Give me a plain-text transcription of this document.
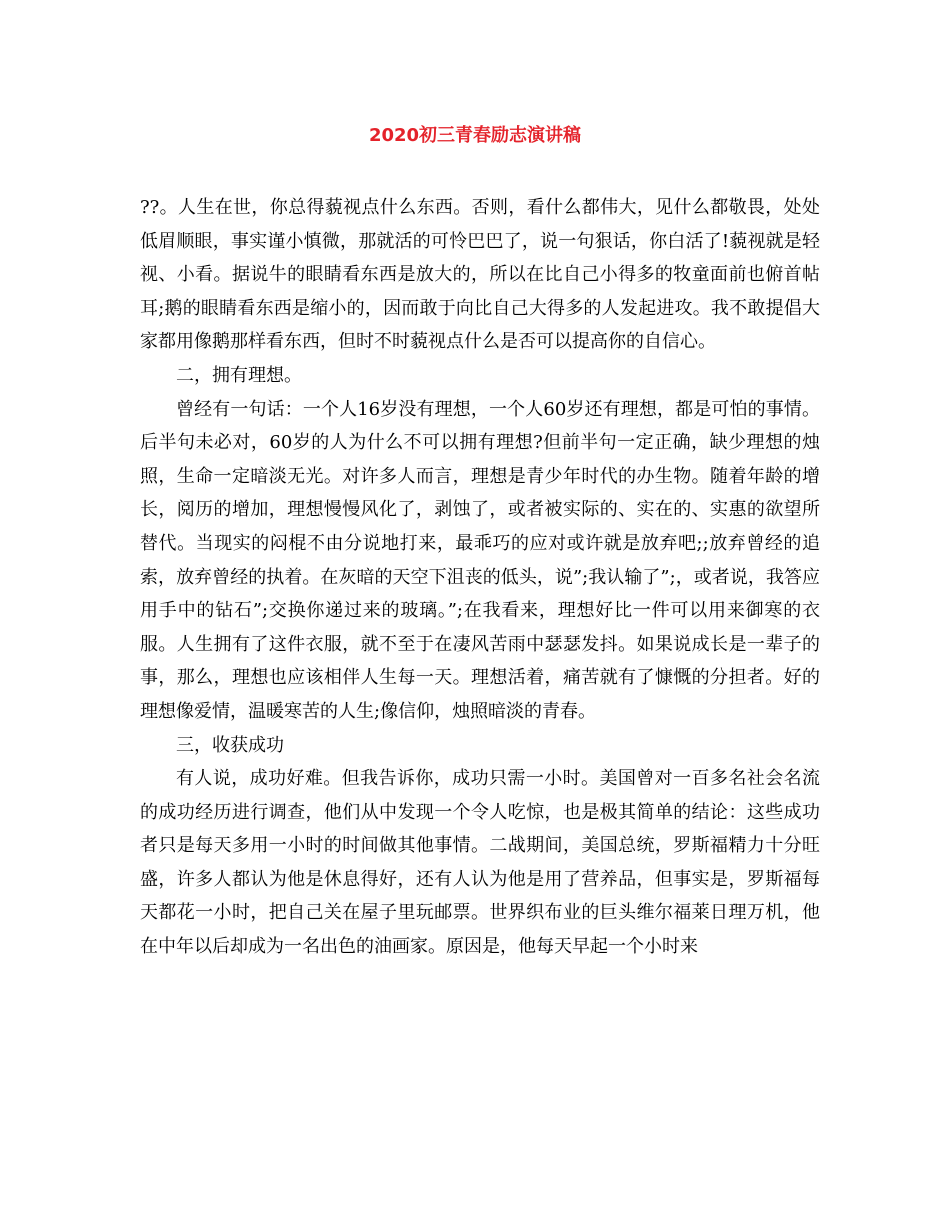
2020初三青春励志演讲稿

??。人生在世，你总得藐视点什么东西。否则，看什么都伟大，见什么都敬畏，处处低眉顺眼，事实谨小慎微，那就活的可怜巴巴了，说一句狠话，你白活了!藐视就是轻视、小看。据说牛的眼睛看东西是放大的，所以在比自己小得多的牧童面前也俯首帖耳;鹅的眼睛看东西是缩小的，因而敢于向比自己大得多的人发起进攻。我不敢提倡大家都用像鹅那样看东西，但时不时藐视点什么是否可以提高你的自信心。

二，拥有理想。

曾经有一句话：一个人16岁没有理想，一个人60岁还有理想，都是可怕的事情。后半句未必对，60岁的人为什么不可以拥有理想?但前半句一定正确，缺少理想的烛照，生命一定暗淡无光。对许多人而言，理想是青少年时代的办生物。随着年龄的增长，阅历的增加，理想慢慢风化了，剥蚀了，或者被实际的、实在的、实惠的欲望所替代。当现实的闷棍不由分说地打来，最乖巧的应对或许就是放弃吧;;放弃曾经的追索，放弃曾经的执着。在灰暗的天空下沮丧的低头，说”;我认输了”;，或者说，我答应用手中的钻石”;交换你递过来的玻璃。”;在我看来，理想好比一件可以用来御寒的衣服。人生拥有了这件衣服，就不至于在凄风苦雨中瑟瑟发抖。如果说成长是一辈子的事，那么，理想也应该相伴人生每一天。理想活着，痛苦就有了慷慨的分担者。好的理想像爱情，温暖寒苦的人生;像信仰，烛照暗淡的青春。

三，收获成功

有人说，成功好难。但我告诉你，成功只需一小时。美国曾对一百多名社会名流的成功经历进行调查，他们从中发现一个令人吃惊，也是极其简单的结论：这些成功者只是每天多用一小时的时间做其他事情。二战期间，美国总统，罗斯福精力十分旺盛，许多人都认为他是休息得好，还有人认为他是用了营养品，但事实是，罗斯福每天都花一小时，把自己关在屋子里玩邮票。世界织布业的巨头维尔福莱日理万机，他在中年以后却成为一名出色的油画家。原因是，他每天早起一个小时来
